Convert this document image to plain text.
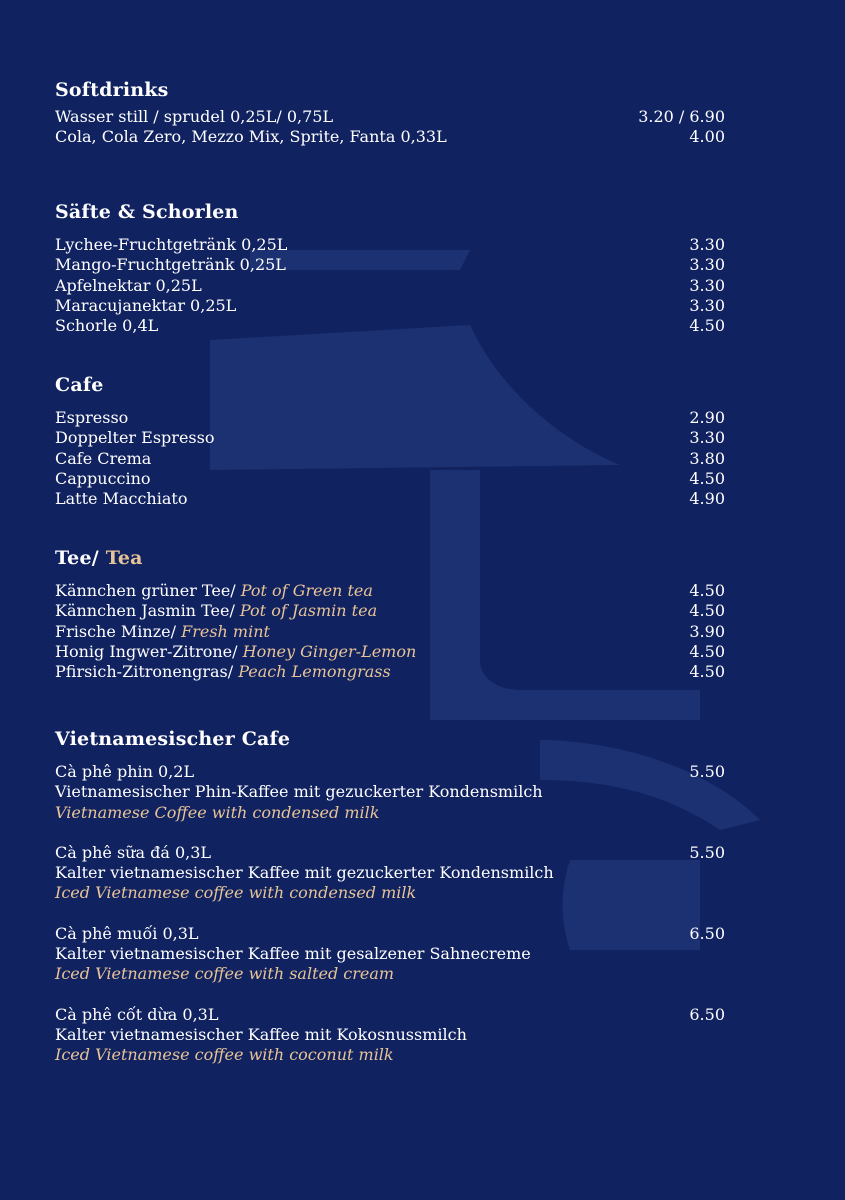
Softdrinks
Wasser still / sprudel 0,25L/ 0,75L	3.20 / 6.90
Cola, Cola Zero, Mezzo Mix, Sprite, Fanta 0,33L	4.00
Säfte & Schorlen
Lychee-Fruchtgetränk 0,25L	3.30
Mango-Fruchtgetränk 0,25L	3.30
Apfelnektar 0,25L	3.30
Maracujanektar 0,25L	3.30
Schorle 0,4L	4.50
Cafe
Espresso	2.90
Doppelter Espresso	3.30
Cafe Crema	3.80
Cappuccino	4.50
Latte Macchiato	4.90
Tee/ Tea
Kännchen grüner Tee/ Pot of Green tea	4.50
Kännchen Jasmin Tee/ Pot of Jasmin tea	4.50
Frische Minze/ Fresh mint	3.90
Honig Ingwer-Zitrone/ Honey Ginger-Lemon	4.50
Pfirsich-Zitronengras/ Peach Lemongrass	4.50
Vietnamesischer Cafe
Cà phê phin 0,2L	5.50
Vietnamesischer Phin-Kaffee mit gezuckerter Kondensmilch
Vietnamese Coffee with condensed milk
Cà phê sữa đá 0,3L	5.50
Kalter vietnamesischer Kaffee mit gezuckerter Kondensmilch
Iced Vietnamese coffee with condensed milk
Cà phê muối 0,3L	6.50
Kalter vietnamesischer Kaffee mit gesalzener Sahnecreme
Iced Vietnamese coffee with salted cream
Cà phê cốt dừa 0,3L	6.50
Kalter vietnamesischer Kaffee mit Kokosnussmilch
Iced Vietnamese coffee with coconut milk
